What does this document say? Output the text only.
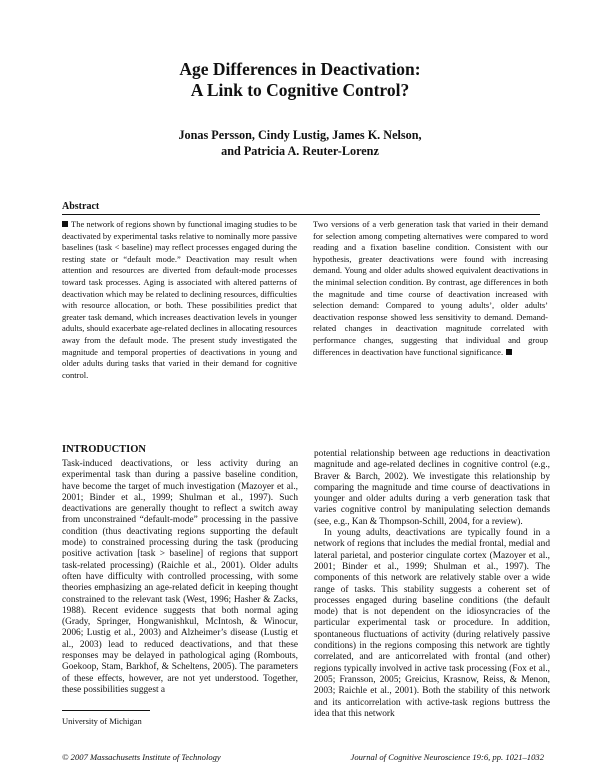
Age Differences in Deactivation:
A Link to Cognitive Control?
Jonas Persson, Cindy Lustig, James K. Nelson,
and Patricia A. Reuter-Lorenz
Abstract
The network of regions shown by functional imaging studies to be deactivated by experimental tasks relative to nominally more passive baselines (task < baseline) may reflect processes engaged during the resting state or “default mode.” Deactivation may result when attention and resources are diverted from default-mode processes toward task processes. Aging is associated with altered patterns of deactivation which may be related to declining resources, difficulties with resource allocation, or both. These possibilities predict that greater task demand, which increases deactivation levels in younger adults, should exacerbate age-related declines in allocating resources away from the default mode. The present study investigated the magnitude and temporal properties of deactivations in young and older adults during tasks that varied in their demand for cognitive control.
Two versions of a verb generation task that varied in their demand for selection among competing alternatives were compared to word reading and a fixation baseline condition. Consistent with our hypothesis, greater deactivations were found with increasing demand. Young and older adults showed equivalent deactivations in the minimal selection condition. By contrast, age differences in both the magnitude and time course of deactivation increased with selection demand: Compared to young adults’, older adults’ deactivation response showed less sensitivity to demand. Demand-related changes in deactivation magnitude correlated with performance changes, suggesting that individual and group differences in deactivation have functional significance.
INTRODUCTION

Task-induced deactivations, or less activity during an experimental task than during a passive baseline condition, have become the target of much investigation (Mazoyer et al., 2001; Binder et al., 1999; Shulman et al., 1997). Such deactivations are generally thought to reflect a switch away from unconstrained “default-mode” processing in the passive condition (thus deactivating regions supporting the default mode) to constrained processing during the task (producing positive activation [task > baseline] of regions that support task-related processing) (Raichle et al., 2001). Older adults often have difficulty with controlled processing, with some theories emphasizing an age-related deficit in keeping thought constrained to the relevant task (West, 1996; Hasher & Zacks, 1988). Recent evidence suggests that both normal aging (Grady, Springer, Hongwanishkul, McIntosh, & Winocur, 2006; Lustig et al., 2003) and Alzheimer’s disease (Lustig et al., 2003) lead to reduced deactivations, and that these responses may be delayed in pathological aging (Rombouts, Goekoop, Stam, Barkhof, & Scheltens, 2005). The parameters of these effects, however, are not yet understood. Together, these possibilities suggest a

potential relationship between age reductions in deactivation magnitude and age-related declines in cognitive control (e.g., Braver & Barch, 2002). We investigate this relationship by comparing the magnitude and time course of deactivations in younger and older adults during a verb generation task that varies cognitive control by manipulating selection demands (see, e.g., Kan & Thompson-Schill, 2004, for a review).

In young adults, deactivations are typically found in a network of regions that includes the medial frontal, medial and lateral parietal, and posterior cingulate cortex (Mazoyer et al., 2001; Binder et al., 1999; Shulman et al., 1997). The components of this network are relatively stable over a wide range of tasks. This stability suggests a coherent set of processes engaged during baseline conditions (the default mode) that is not dependent on the idiosyncracies of the particular experimental task or procedure. In addition, spontaneous fluctuations of activity (during relatively passive conditions) in the regions composing this network are tightly correlated, and are anticorrelated with frontal (and other) regions typically involved in active task processing (Fox et al., 2005; Fransson, 2005; Greicius, Krasnow, Reiss, & Menon, 2003; Raichle et al., 2001). Both the stability of this network and its anticorrelation with active-task regions buttress the idea that this network

University of Michigan
© 2007 Massachusetts Institute of Technology	Journal of Cognitive Neuroscience 19:6, pp. 1021–1032
